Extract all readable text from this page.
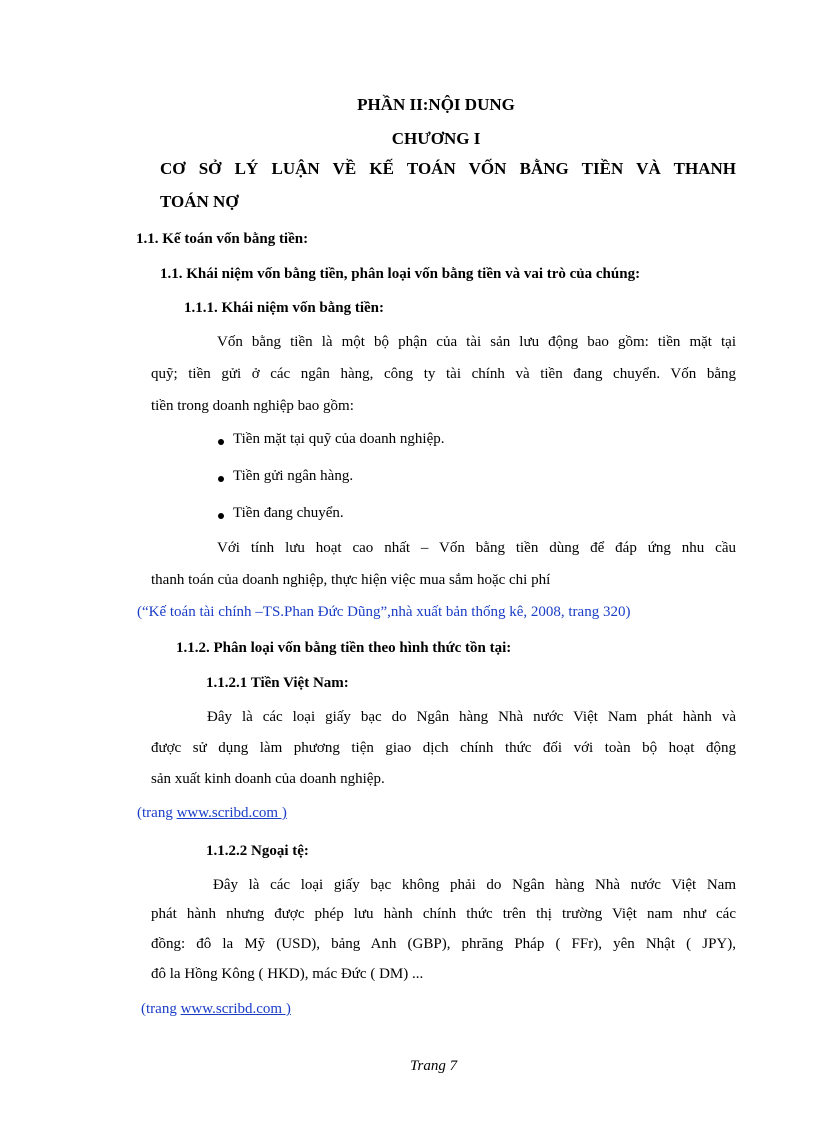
PHẦN II:NỘI DUNG
CHƯƠNG I
CƠ SỞ LÝ LUẬN VỀ KẾ TOÁN VỐN BẰNG TIỀN VÀ THANH
TOÁN NỢ
1.1. Kế toán vốn bằng tiền:
1.1. Khái niệm vốn bằng tiền, phân loại vốn bằng tiền và vai trò của chúng:
1.1.1. Khái niệm vốn bằng tiền:
Vốn bằng tiền là một bộ phận của tài sản lưu động bao gồm: tiền mặt tại
quỹ; tiền gửi ở các ngân hàng, công ty tài chính và tiền đang chuyển. Vốn bằng
tiền trong doanh nghiệp bao gồm:
Tiền mặt tại quỹ của doanh nghiệp.
Tiền gửi ngân hàng.
Tiền đang chuyển.
Với tính lưu hoạt cao nhất – Vốn bằng tiền dùng để đáp ứng nhu cầu
thanh toán của doanh nghiệp, thực hiện việc mua sắm hoặc chi phí
(“Kế toán tài chính –TS.Phan Đức Dũng”,nhà xuất bản thống kê, 2008, trang 320)
1.1.2. Phân loại vốn bằng tiền theo hình thức tồn tại:
1.1.2.1 Tiền Việt Nam:
Đây là các loại giấy bạc do Ngân hàng Nhà nước Việt Nam phát hành và
được sử dụng làm phương tiện giao dịch chính thức đối với toàn bộ hoạt động
sản xuất kinh doanh của doanh nghiệp.
(trang www.scribd.com )
1.1.2.2 Ngoại tệ:
Đây là các loại giấy bạc không phải do Ngân hàng Nhà nước Việt Nam
phát hành nhưng được phép lưu hành chính thức trên thị trường Việt nam như các
đồng: đô la Mỹ (USD), bảng Anh (GBP), phrăng Pháp ( FFr), yên Nhật ( JPY),
đô la Hồng Kông ( HKD), mác Đức ( DM) ...
(trang www.scribd.com )
Trang 7
